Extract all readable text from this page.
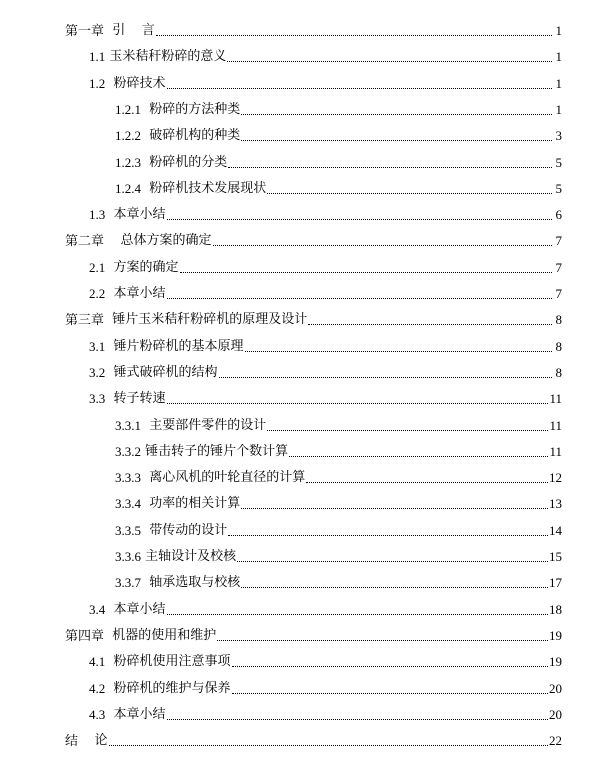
第一章 引    言	1
1.1 玉米秸秆粉碎的意义	1
1.2 粉碎技术	1
1.2.1 粉碎的方法种类	1
1.2.2 破碎机构的种类	3
1.2.3 粉碎机的分类	5
1.2.4 粉碎机技术发展现状	5
1.3 本章小结	6
第二章 总体方案的确定	7
2.1 方案的确定	7
2.2 本章小结	7
第三章 锤片玉米秸秆粉碎机的原理及设计	8
3.1 锤片粉碎机的基本原理	8
3.2 锤式破碎机的结构	8
3.3 转子转速	11
3.3.1 主要部件零件的设计	11
3.3.2 锤击转子的锤片个数计算	11
3.3.3 离心风机的叶轮直径的计算	12
3.3.4 功率的相关计算	13
3.3.5 带传动的设计	14
3.3.6 主轴设计及校核	15
3.3.7 轴承选取与校核	17
3.4 本章小结	18
第四章 机器的使用和维护	19
4.1 粉碎机使用注意事项	19
4.2 粉碎机的维护与保养	20
4.3 本章小结	20
结 论	22
